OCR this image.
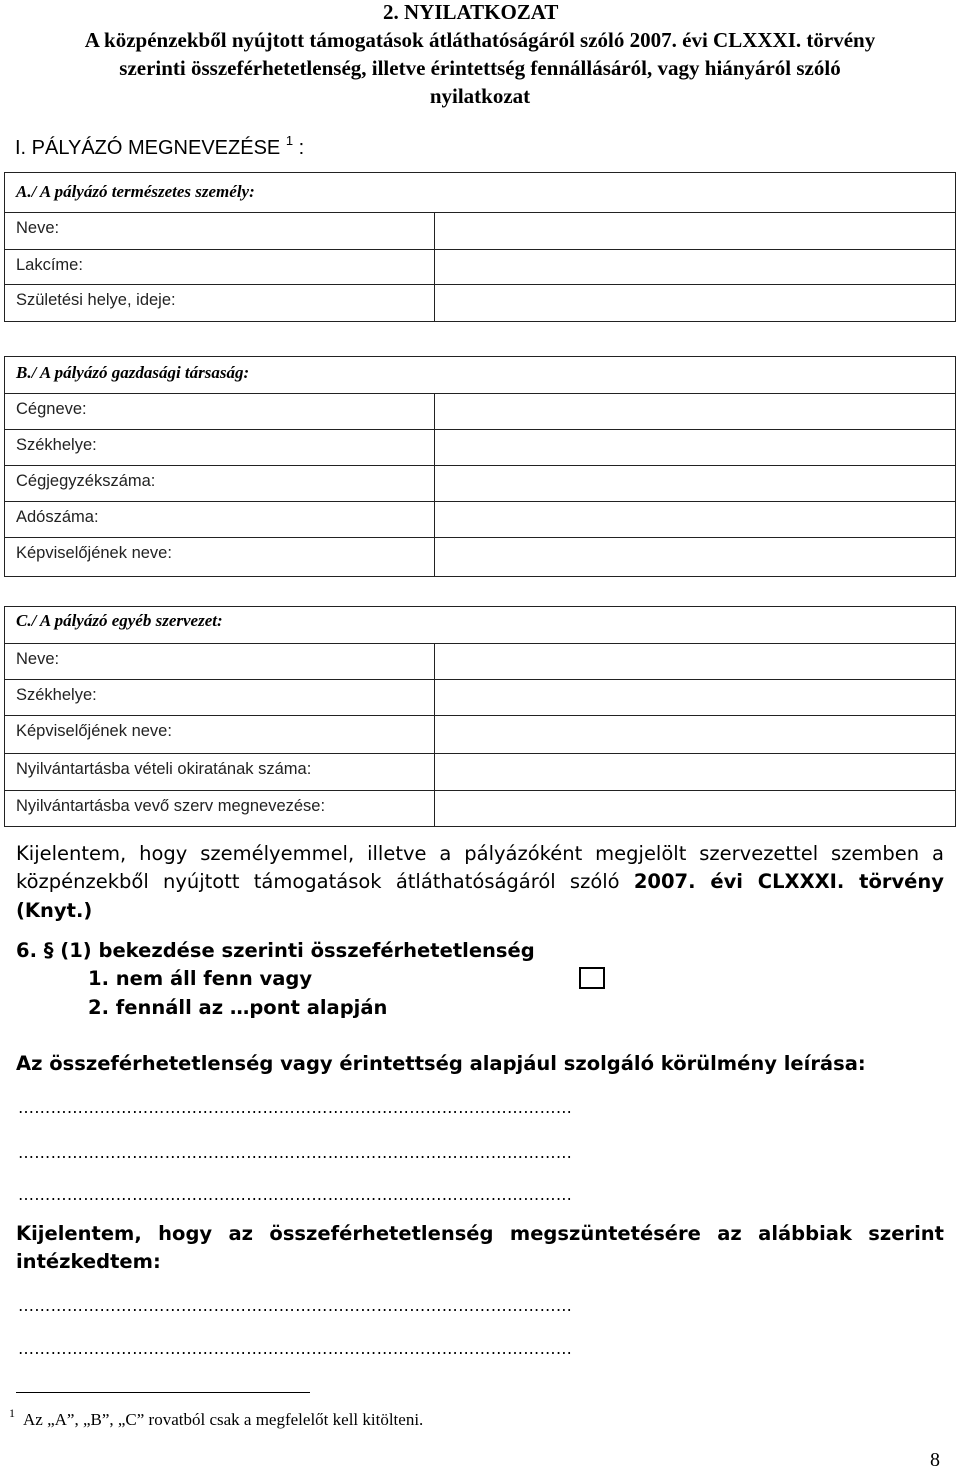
2. NYILATKOZAT
A közpénzekből nyújtott támogatások átláthatóságáról szóló 2007. évi CLXXXI. törvény
szerinti összeférhetetlenség, illetve érintettség fennállásáról, vagy hiányáról szóló
nyilatkozat
I. PÁLYÁZÓ MEGNEVEZÉSE $^1$ :
A./ A pályázó természetes személy:
Neve:
Lakcíme:
Születési helye, ideje:
B./ A pályázó gazdasági társaság:
Cégneve:
Székhelye:
Cégjegyzékszáma:
Adószáma:
Képviselőjének neve:
C./ A pályázó egyéb szervezet:
Neve:
Székhelye:
Képviselőjének neve:
Nyilvántartásba vételi okiratának száma:
Nyilvántartásba vevő szerv megnevezése:
Kijelentem, hogy személyemmel, illetve a pályázóként megjelölt szervezettel szemben a
közpénzekből nyújtott támogatások átláthatóságáról szóló 2007. évi CLXXXI. törvény
(Knyt.)
6. § (1) bekezdése szerinti összeférhetetlenség
1. nem áll fenn vagy
2. fennáll az …pont alapján
Az összeférhetetlenség vagy érintettség alapjául szolgáló körülmény leírása:
…………………………………………………………………………………………
…………………………………………………………………………………………
…………………………………………………………………………………………
Kijelentem, hogy az összeférhetetlenség megszüntetésére az alábbiak szerint
intézkedtem:
…………………………………………………………………………………………
…………………………………………………………………………………………
$^1$ Az „A”, „B”, „C” rovatból csak a megfelelőt kell kitölteni.
8
